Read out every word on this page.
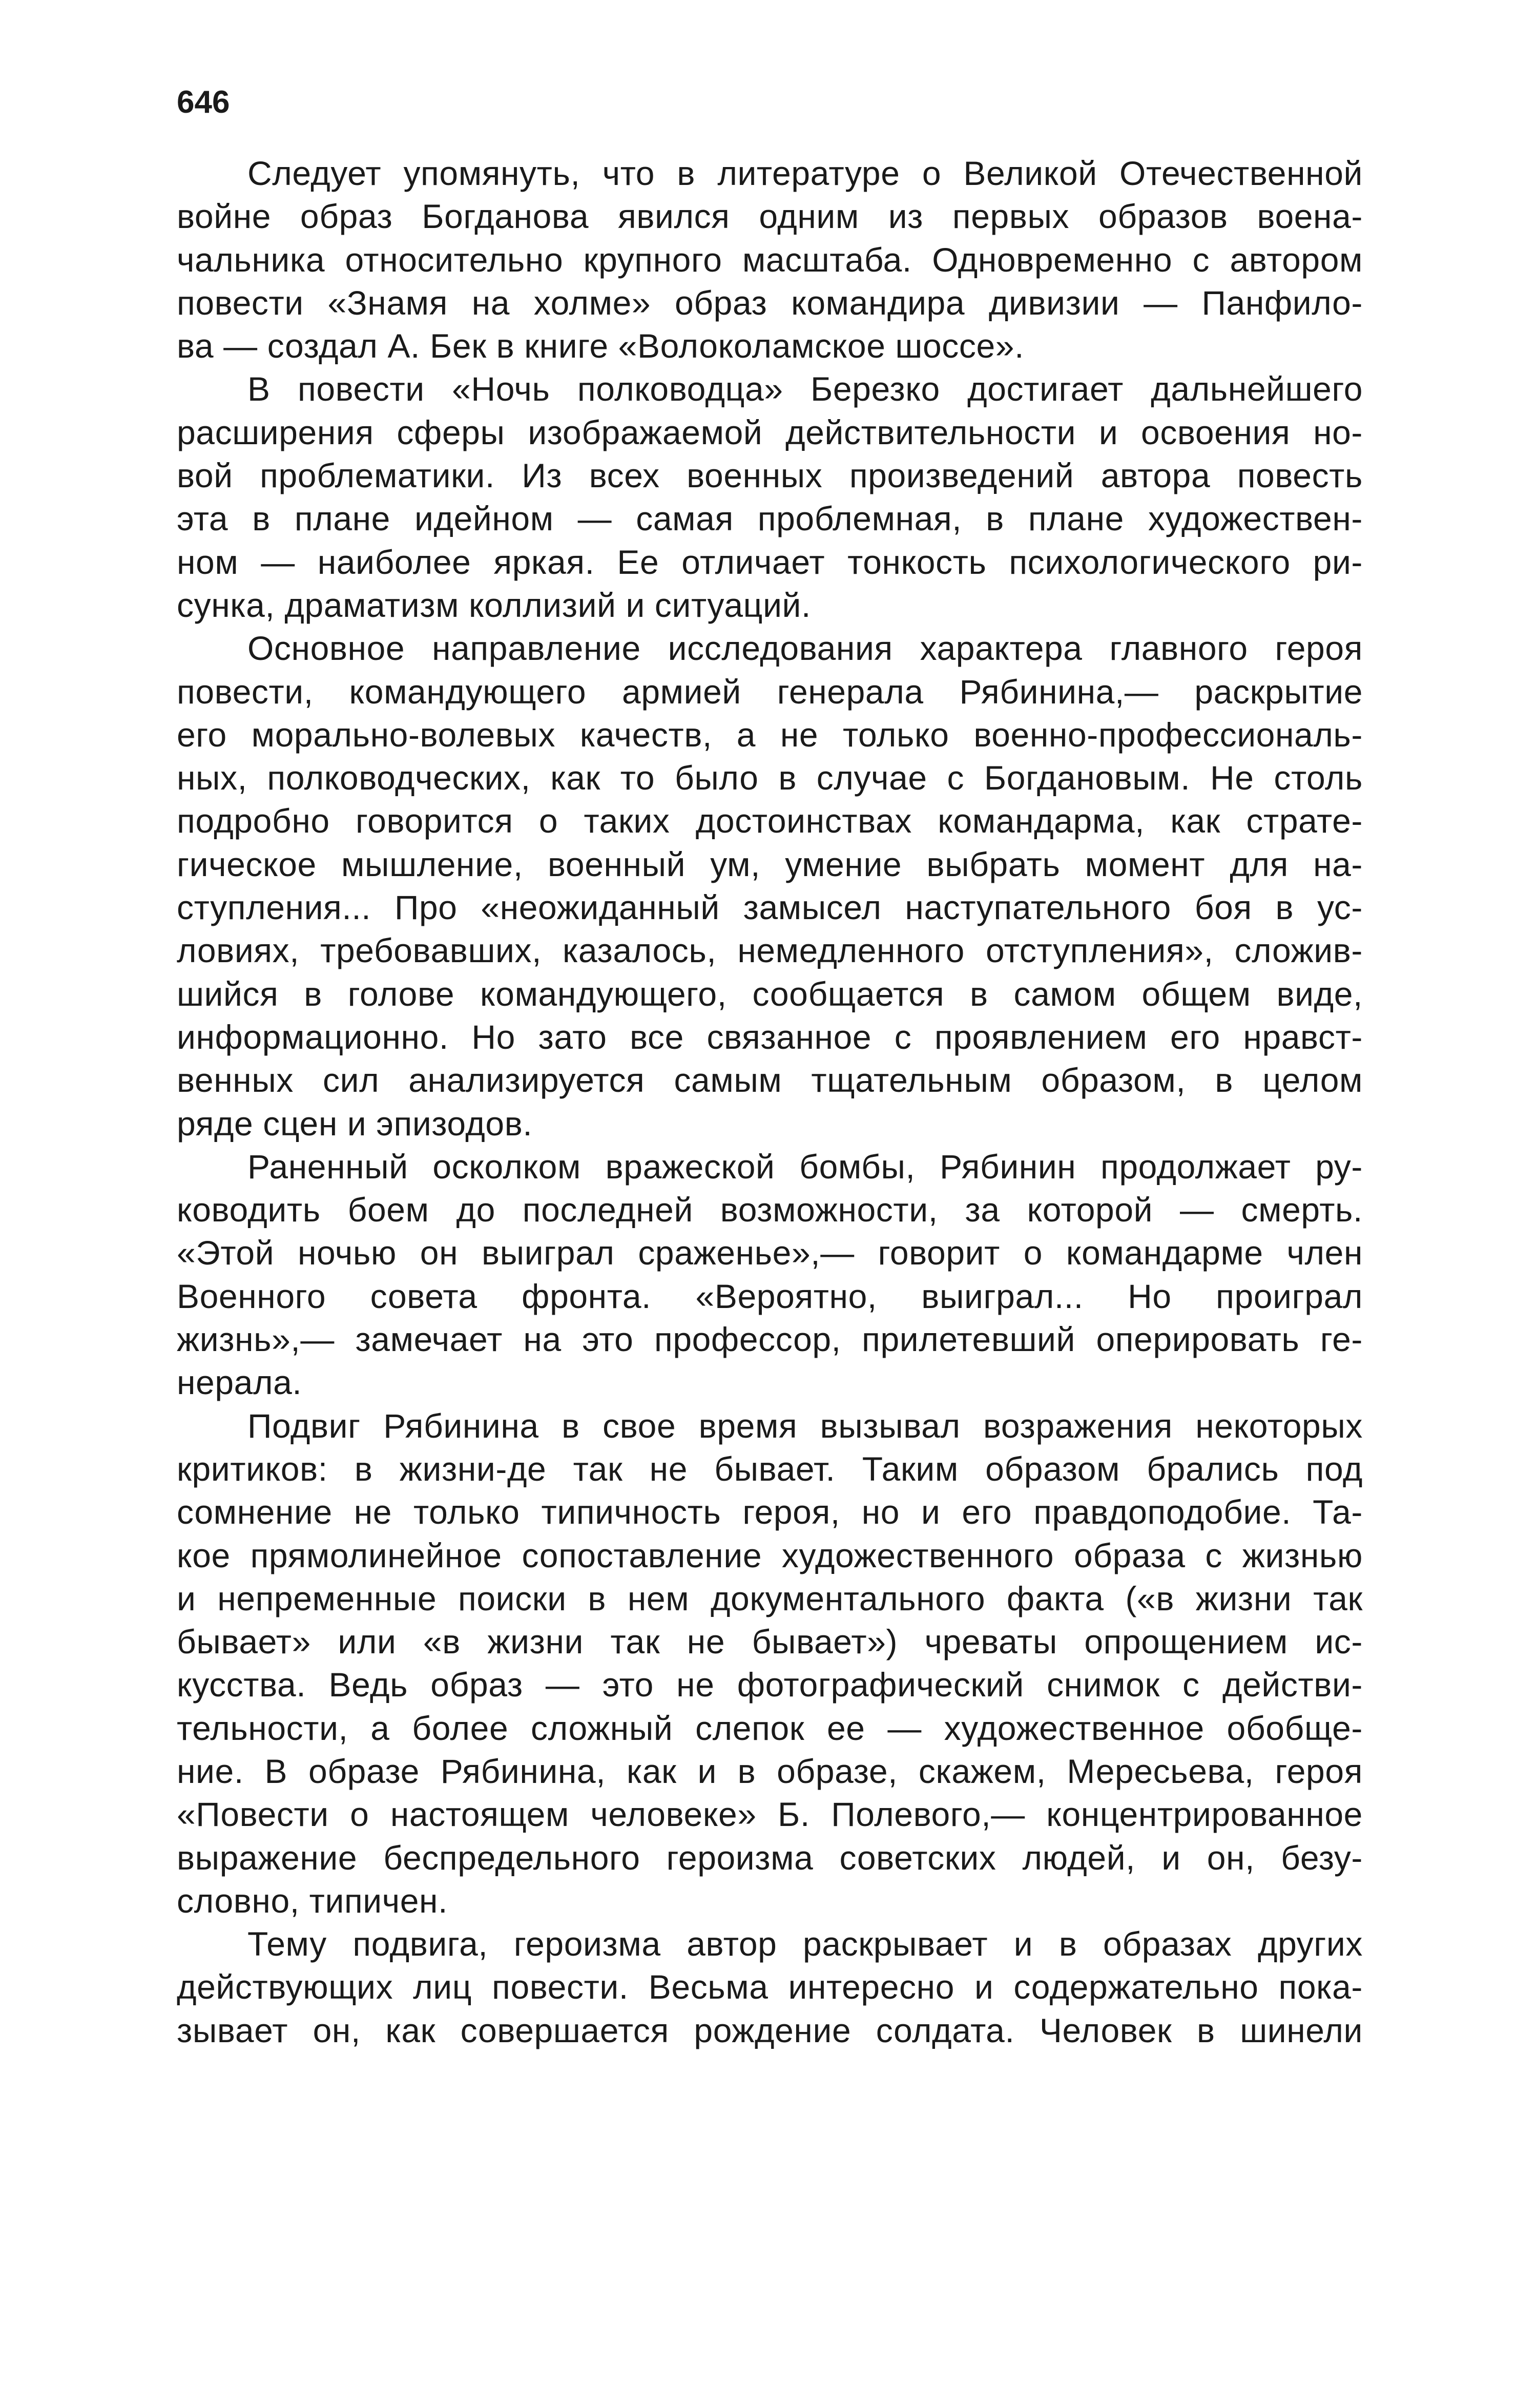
646
Следует упомянуть, что в литературе о Великой Отечественной
войне образ Богданова явился одним из первых образов воена-
чальника относительно крупного масштаба. Одновременно с автором
повести «Знамя на холме» образ командира дивизии — Панфило-
ва — создал А. Бек в книге «Волоколамское шоссе».
В повести «Ночь полководца» Березко достигает дальнейшего
расширения сферы изображаемой действительности и освоения но-
вой проблематики. Из всех военных произведений автора повесть
эта в плане идейном — самая проблемная, в плане художествен-
ном — наиболее яркая. Ее отличает тонкость психологического ри-
сунка, драматизм коллизий и ситуаций.
Основное направление исследования характера главного героя
повести, командующего армией генерала Рябинина,— раскрытие
его морально-волевых качеств, а не только военно-профессиональ-
ных, полководческих, как то было в случае с Богдановым. Не столь
подробно говорится о таких достоинствах командарма, как страте-
гическое мышление, военный ум, умение выбрать момент для на-
ступления... Про «неожиданный замысел наступательного боя в ус-
ловиях, требовавших, казалось, немедленного отступления», сложив-
шийся в голове командующего, сообщается в самом общем виде,
информационно. Но зато все связанное с проявлением его нравст-
венных сил анализируется самым тщательным образом, в целом
ряде сцен и эпизодов.
Раненный осколком вражеской бомбы, Рябинин продолжает ру-
ководить боем до последней возможности, за которой — смерть.
«Этой ночью он выиграл сраженье»,— говорит о командарме член
Военного совета фронта. «Вероятно, выиграл... Но проиграл
жизнь»,— замечает на это профессор, прилетевший оперировать ге-
нерала.
Подвиг Рябинина в свое время вызывал возражения некоторых
критиков: в жизни-де так не бывает. Таким образом брались под
сомнение не только типичность героя, но и его правдоподобие. Та-
кое прямолинейное сопоставление художественного образа с жизнью
и непременные поиски в нем документального факта («в жизни так
бывает» или «в жизни так не бывает») чреваты опрощением ис-
кусства. Ведь образ — это не фотографический снимок с действи-
тельности, а более сложный слепок ее — художественное обобще-
ние. В образе Рябинина, как и в образе, скажем, Мересьева, героя
«Повести о настоящем человеке» Б. Полевого,— концентрированное
выражение беспредельного героизма советских людей, и он, безу-
словно, типичен.
Тему подвига, героизма автор раскрывает и в образах других
действующих лиц повести. Весьма интересно и содержательно пока-
зывает он, как совершается рождение солдата. Человек в шинели
